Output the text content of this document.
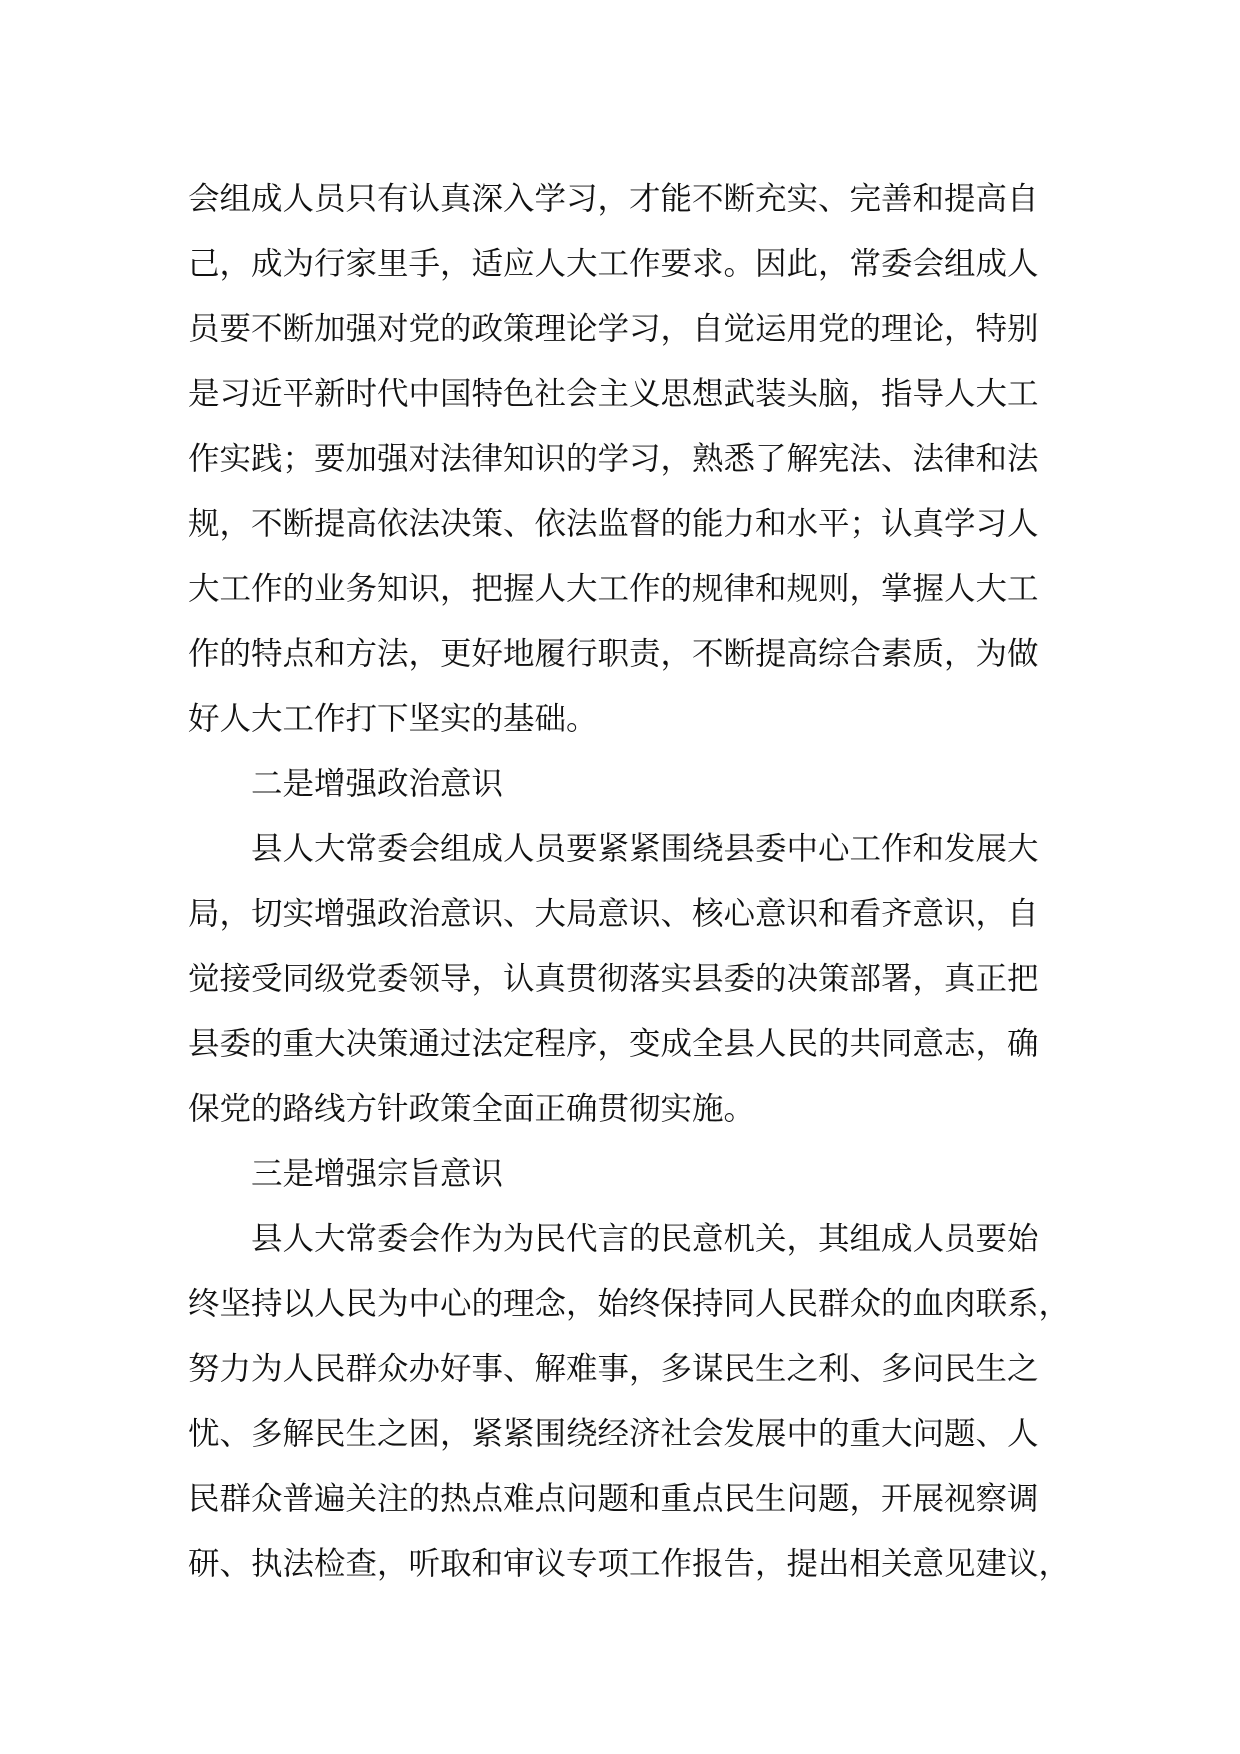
会组成人员只有认真深入学习，才能不断充实、完善和提高自
己，成为行家里手，适应人大工作要求。因此，常委会组成人
员要不断加强对党的政策理论学习，自觉运用党的理论，特别
是习近平新时代中国特色社会主义思想武装头脑，指导人大工
作实践；要加强对法律知识的学习，熟悉了解宪法、法律和法
规，不断提高依法决策、依法监督的能力和水平；认真学习人
大工作的业务知识，把握人大工作的规律和规则，掌握人大工
作的特点和方法，更好地履行职责，不断提高综合素质，为做
好人大工作打下坚实的基础。
二是增强政治意识
县人大常委会组成人员要紧紧围绕县委中心工作和发展大
局，切实增强政治意识、大局意识、核心意识和看齐意识，自
觉接受同级党委领导，认真贯彻落实县委的决策部署，真正把
县委的重大决策通过法定程序，变成全县人民的共同意志，确
保党的路线方针政策全面正确贯彻实施。
三是增强宗旨意识
县人大常委会作为为民代言的民意机关，其组成人员要始
终坚持以人民为中心的理念，始终保持同人民群众的血肉联系，
努力为人民群众办好事、解难事，多谋民生之利、多问民生之
忧、多解民生之困，紧紧围绕经济社会发展中的重大问题、人
民群众普遍关注的热点难点问题和重点民生问题，开展视察调
研、执法检查，听取和审议专项工作报告，提出相关意见建议，
